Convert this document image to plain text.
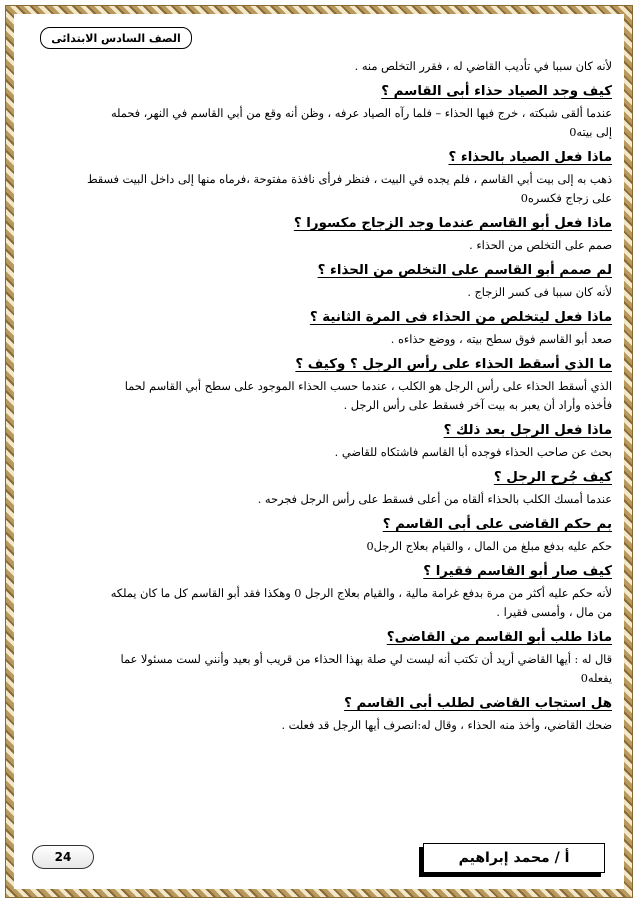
الصف السادس الابتدائى

لأنه كان سببا في تأديب القاضي له ، فقرر التخلص منه .

كيف وجد الصياد حذاء أبى القاسم ؟

عندما ألقى شبكته ، خرج فيها الحذاء – فلما رآه الصياد عرفه ، وظن أنه وقع من أبي القاسم في النهر، فحمله

إلى بيته0

ماذا فعل الصياد بالحذاء ؟

ذهب به إلى بيت أبي القاسم ، فلم يجده في البيت ، فنظر فرأى نافذة مفتوحة ،فرماه منها إلى داخل البيت فسقط

على زجاج فكسره0

ماذا فعل أبو القاسم عندما وجد الزجاج مكسورا ؟

صمم على التخلص من الحذاء .

لم صمم أبو القاسم على التخلص من الحذاء ؟

لأنه كان سببا فى كسر الزجاج .

ماذا فعل ليتخلص من الحذاء فى المرة الثانية ؟

صعد أبو القاسم فوق سطح بيته ، ووضع حذاءه .

ما الذي أسقط الحذاء على رأس الرجل ؟ وكيف ؟

الذي أسقط الحذاء على رأس الرجل هو الكلب ، عندما حسب الحذاء الموجود على سطح أبي القاسم لحما

فأخذه وأراد أن يعبر به بيت آخر فسقط على رأس الرجل .

ماذا فعل الرجل بعد ذلك ؟

بحث عن صاحب الحذاء فوجده أبا القاسم فاشتكاه للقاضي .

كيف جُرح الرجل ؟

عندما أمسك الكلب بالحذاء ألقاه من أعلى فسقط على رأس الرجل فجرحه .

بم حكم القاضى على أبى القاسم ؟

حكم عليه بدفع مبلغ من المال ، والقيام بعلاج الرجل0

كيف صار أبو القاسم فقيرا ؟

لأنه حكم عليه أكثر من مرة بدفع غرامة مالية ، والقيام بعلاج الرجل 0 وهكذا فقد أبو القاسم كل ما كان يملكه

من مال ، وأمسى فقيرا .

ماذا طلب أبو القاسم من القاضى؟

قال له : أيها القاضي أريد أن تكتب أنه ليست لي صلة بهذا الحذاء من قريب أو بعيد وأنني لست مسئولا عما

يفعله0

هل استجاب القاضى لطلب أبى القاسم ؟

ضحك القاضي، وأخذ منه الحذاء ، وقال له:انصرف أيها الرجل قد فعلت .

24	أ / محمد إبراهيم
